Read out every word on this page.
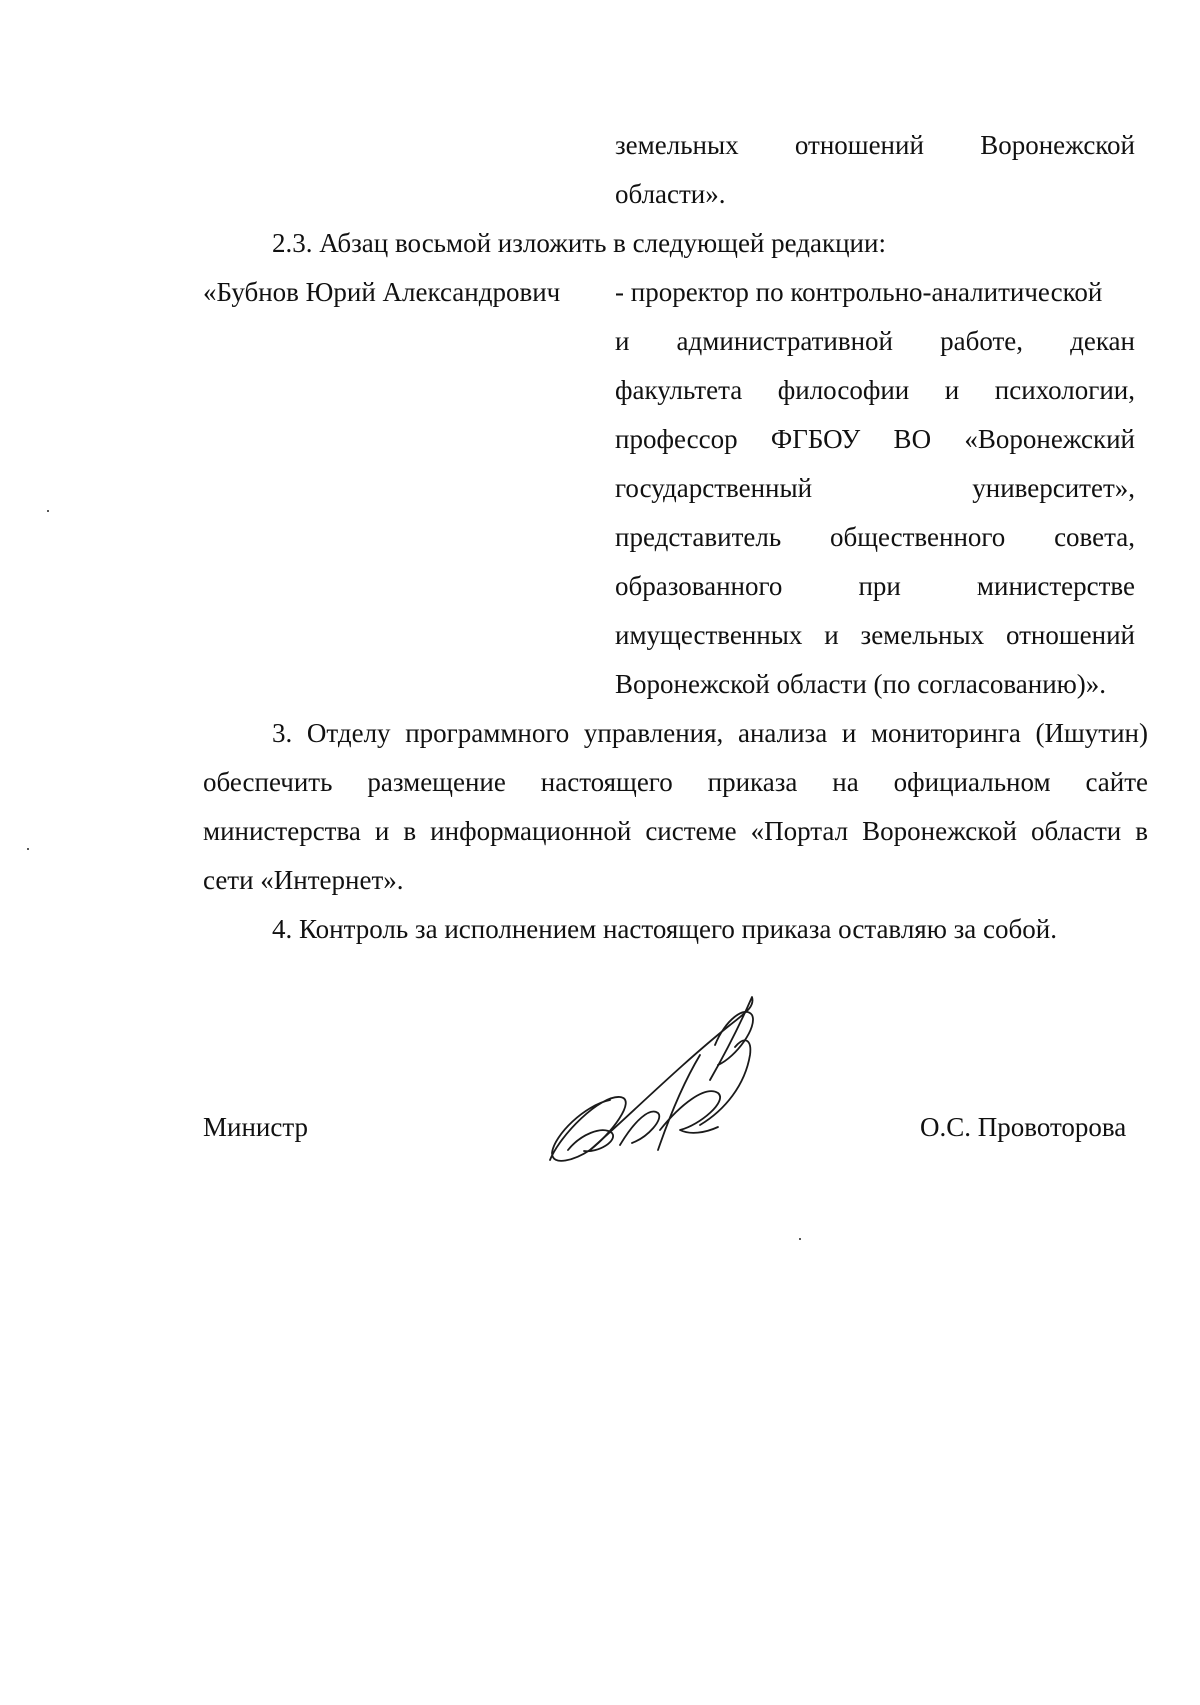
земельных отношений Воронежской
области».
2.3. Абзац восьмой изложить в следующей редакции:
«Бубнов Юрий Александрович - проректор по контрольно-аналитической
и административной работе, декан
факультета философии и психологии,
профессор ФГБОУ ВО «Воронежский
государственный университет»,
представитель общественного совета,
образованного при министерстве
имущественных и земельных отношений
Воронежской области (по согласованию)».
3. Отделу программного управления, анализа и мониторинга (Ишутин)
обеспечить размещение настоящего приказа на официальном сайте
министерства и в информационной системе «Портал Воронежской области в
сети «Интернет».
4. Контроль за исполнением настоящего приказа оставляю за собой.
Министр	О.С. Провоторова
